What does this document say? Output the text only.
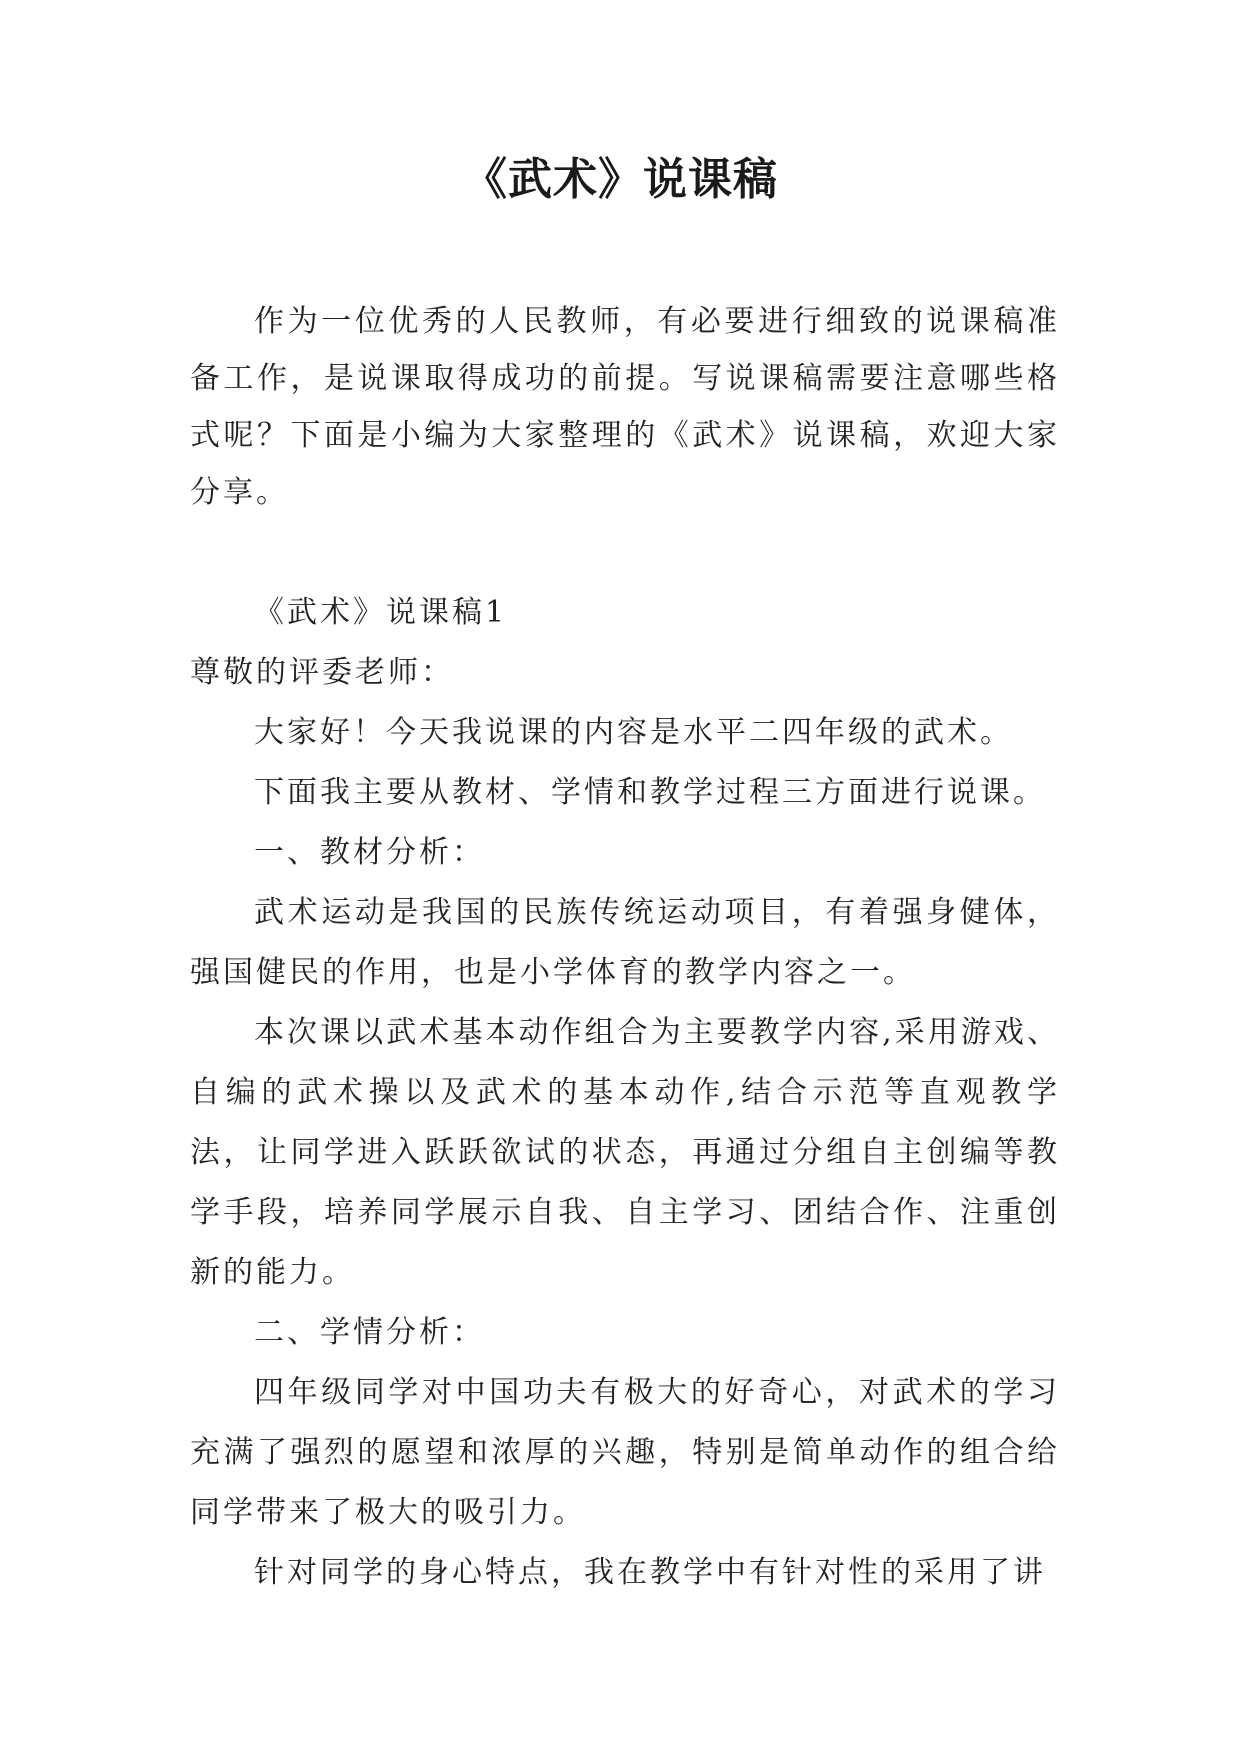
《武术》说课稿

作为一位优秀的人民教师，有必要进行细致的说课稿准备工作，是说课取得成功的前提。写说课稿需要注意哪些格式呢？下面是小编为大家整理的《武术》说课稿，欢迎大家分享。

《武术》说课稿1

尊敬的评委老师：

大家好！今天我说课的内容是水平二四年级的武术。

下面我主要从教材、学情和教学过程三方面进行说课。

一、教材分析：

武术运动是我国的民族传统运动项目，有着强身健体，强国健民的作用，也是小学体育的教学内容之一。

本次课以武术基本动作组合为主要教学内容,采用游戏、自编的武术操以及武术的基本动作,结合示范等直观教学法，让同学进入跃跃欲试的状态，再通过分组自主创编等教学手段，培养同学展示自我、自主学习、团结合作、注重创新的能力。

二、学情分析：

四年级同学对中国功夫有极大的好奇心，对武术的学习充满了强烈的愿望和浓厚的兴趣，特别是简单动作的组合给同学带来了极大的吸引力。

针对同学的身心特点，我在教学中有针对性的采用了讲
